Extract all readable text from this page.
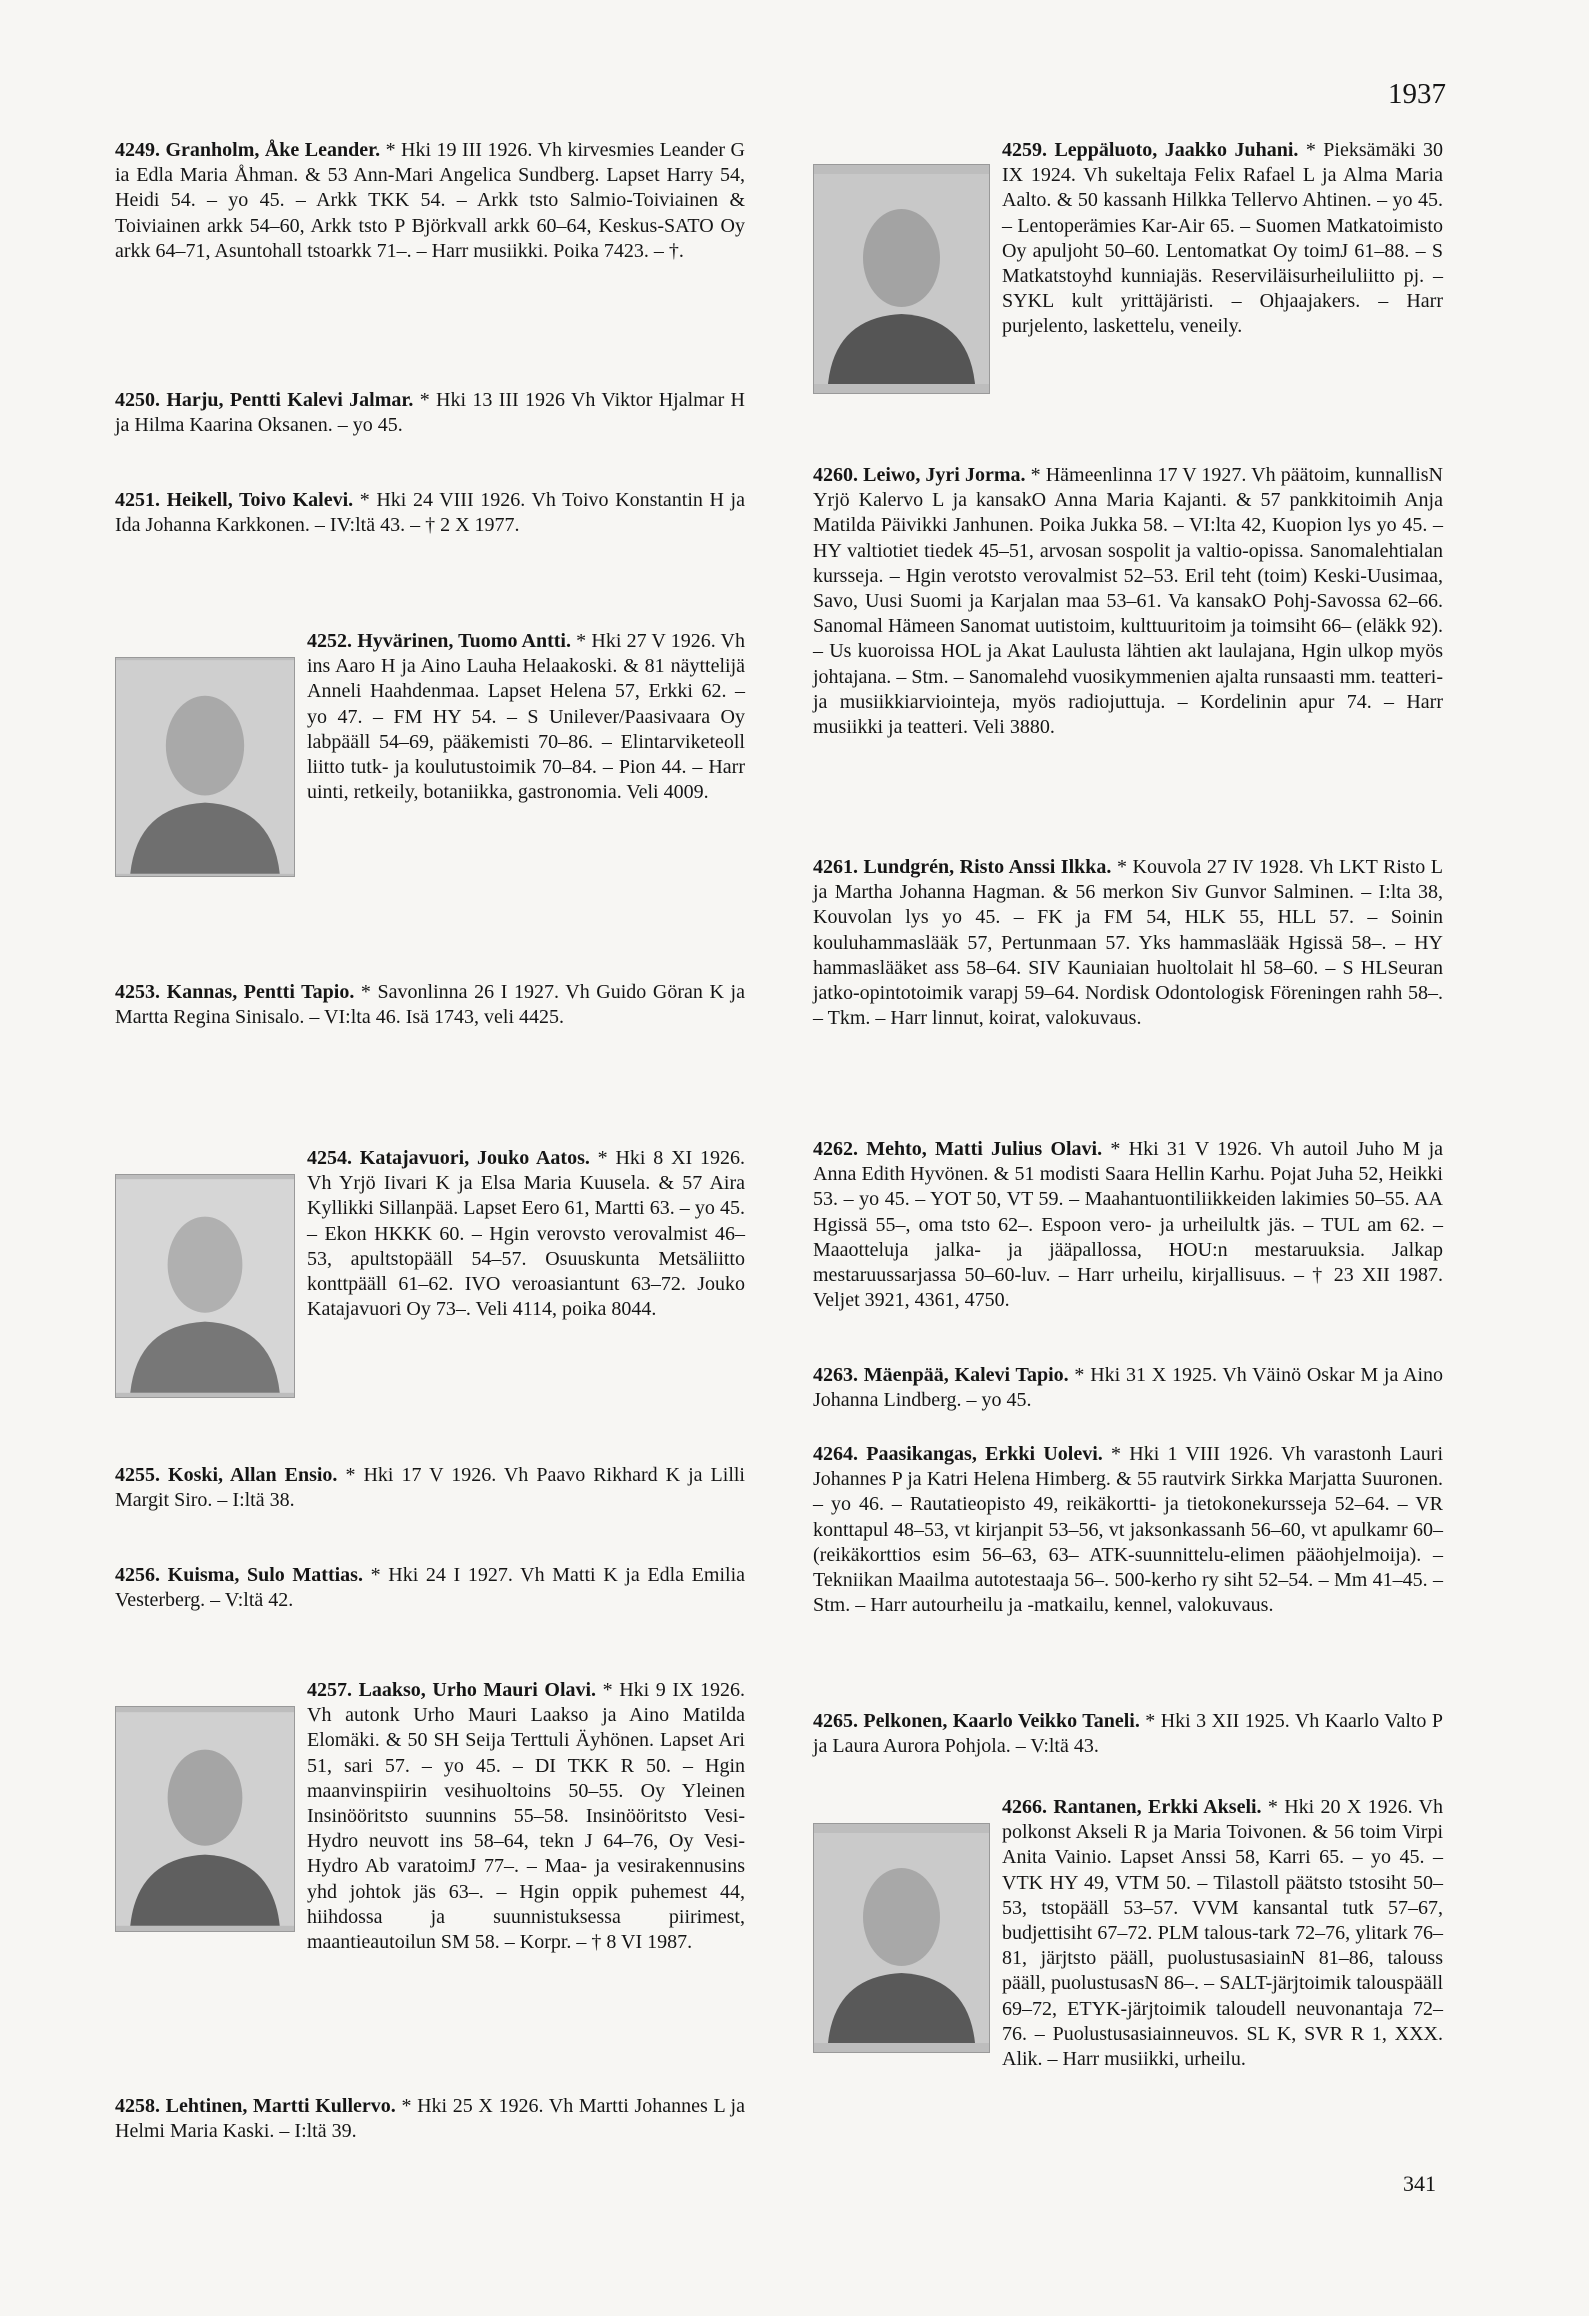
1937

4249. Granholm, Åke Leander. * Hki 19 III 1926. Vh kirvesmies Leander G ia Edla Maria Åhman. & 53 Ann-Mari Angelica Sundberg. Lapset Harry 54, Heidi 54. – yo 45. – Arkk TKK 54. – Arkk tsto Salmio-Toiviainen & Toiviainen arkk 54–60, Arkk tsto P Björkvall arkk 60–64, Keskus-SATO Oy arkk 64–71, Asuntohall tstoarkk 71–. – Harr musiikki. Poika 7423. – †.

4250. Harju, Pentti Kalevi Jalmar. * Hki 13 III 1926 Vh Viktor Hjalmar H ja Hilma Kaarina Oksanen. – yo 45.

4251. Heikell, Toivo Kalevi. * Hki 24 VIII 1926. Vh Toivo Konstantin H ja Ida Johanna Karkkonen. – IV:ltä 43. – † 2 X 1977.

4252. Hyvärinen, Tuomo Antti. * Hki 27 V 1926. Vh ins Aaro H ja Aino Lauha Helaakoski. & 81 näyttelijä Anneli Haahdenmaa. Lapset Helena 57, Erkki 62. – yo 47. – FM HY 54. – S Unilever/Paasivaara Oy labpääll 54–69, pääkemisti 70–86. – Elintarviketeoll liitto tutk- ja koulutustoimik 70–84. – Pion 44. – Harr uinti, retkeily, botaniikka, gastronomia. Veli 4009.

4253. Kannas, Pentti Tapio. * Savonlinna 26 I 1927. Vh Guido Göran K ja Martta Regina Sinisalo. – VI:lta 46. Isä 1743, veli 4425.

4254. Katajavuori, Jouko Aatos. * Hki 8 XI 1926. Vh Yrjö Iivari K ja Elsa Maria Kuusela. & 57 Aira Kyllikki Sillanpää. Lapset Eero 61, Martti 63. – yo 45. – Ekon HKKK 60. – Hgin verovsto verovalmist 46–53, apultstopääll 54–57. Osuuskunta Metsäliitto konttpääll 61–62. IVO veroasiantunt 63–72. Jouko Katajavuori Oy 73–. Veli 4114, poika 8044.

4255. Koski, Allan Ensio. * Hki 17 V 1926. Vh Paavo Rikhard K ja Lilli Margit Siro. – I:ltä 38.

4256. Kuisma, Sulo Mattias. * Hki 24 I 1927. Vh Matti K ja Edla Emilia Vesterberg. – V:ltä 42.

4257. Laakso, Urho Mauri Olavi. * Hki 9 IX 1926. Vh autonk Urho Mauri Laakso ja Aino Matilda Elomäki. & 50 SH Seija Terttuli Äyhönen. Lapset Ari 51, sari 57. – yo 45. – DI TKK R 50. – Hgin maanvinspiirin vesihuoltoins 50–55. Oy Yleinen Insinööritsto suunnins 55–58. Insinööritsto Vesi-Hydro neuvott ins 58–64, tekn J 64–76, Oy Vesi-Hydro Ab varatoimJ 77–. – Maa- ja vesirakennusins yhd johtok jäs 63–. – Hgin oppik puhemest 44, hiihdossa ja suunnistuksessa piirimest, maantieautoilun SM 58. – Korpr. – † 8 VI 1987.

4258. Lehtinen, Martti Kullervo. * Hki 25 X 1926. Vh Martti Johannes L ja Helmi Maria Kaski. – I:ltä 39.

4259. Leppäluoto, Jaakko Juhani. * Pieksämäki 30 IX 1924. Vh sukeltaja Felix Rafael L ja Alma Maria Aalto. & 50 kassanh Hilkka Tellervo Ahtinen. – yo 45. – Lentoperämies Kar-Air 65. – Suomen Matkatoimisto Oy apuljoht 50–60. Lentomatkat Oy toimJ 61–88. – S Matkatstoyhd kunniajäs. Reserviläisurheiluliitto pj. – SYKL kult yrittäjäristi. – Ohjaajakers. – Harr purjelento, laskettelu, veneily.

4260. Leiwo, Jyri Jorma. * Hämeenlinna 17 V 1927. Vh päätoim, kunnallisN Yrjö Kalervo L ja kansakO Anna Maria Kajanti. & 57 pankkitoimih Anja Matilda Päivikki Janhunen. Poika Jukka 58. – VI:lta 42, Kuopion lys yo 45. – HY valtiotiet tiedek 45–51, arvosan sospolit ja valtio-opissa. Sanomalehtialan kursseja. – Hgin verotsto verovalmist 52–53. Eril teht (toim) Keski-Uusimaa, Savo, Uusi Suomi ja Karjalan maa 53–61. Va kansakO Pohj-Savossa 62–66. Sanomal Hämeen Sanomat uutistoim, kulttuuritoim ja toimsiht 66– (eläkk 92). – Us kuoroissa HOL ja Akat Laulusta lähtien akt laulajana, Hgin ulkop myös johtajana. – Stm. – Sanomalehd vuosikymmenien ajalta runsaasti mm. teatteri- ja musiikkiarviointeja, myös radiojuttuja. – Kordelinin apur 74. – Harr musiikki ja teatteri. Veli 3880.

4261. Lundgrén, Risto Anssi Ilkka. * Kouvola 27 IV 1928. Vh LKT Risto L ja Martha Johanna Hagman. & 56 merkon Siv Gunvor Salminen. – I:lta 38, Kouvolan lys yo 45. – FK ja FM 54, HLK 55, HLL 57. – Soinin kouluhammaslääk 57, Pertunmaan 57. Yks hammaslääk Hgissä 58–. – HY hammaslääket ass 58–64. SIV Kauniaian huoltolait hl 58–60. – S HLSeuran jatko-opintotoimik varapj 59–64. Nordisk Odontologisk Föreningen rahh 58–. – Tkm. – Harr linnut, koirat, valokuvaus.

4262. Mehto, Matti Julius Olavi. * Hki 31 V 1926. Vh autoil Juho M ja Anna Edith Hyvönen. & 51 modisti Saara Hellin Karhu. Pojat Juha 52, Heikki 53. – yo 45. – YOT 50, VT 59. – Maahantuontiliikkeiden lakimies 50–55. AA Hgissä 55–, oma tsto 62–. Espoon vero- ja urheilultk jäs. – TUL am 62. – Maaotteluja jalka- ja jääpallossa, HOU:n mestaruuksia. Jalkap mestaruussarjassa 50–60-luv. – Harr urheilu, kirjallisuus. – † 23 XII 1987. Veljet 3921, 4361, 4750.

4263. Mäenpää, Kalevi Tapio. * Hki 31 X 1925. Vh Väinö Oskar M ja Aino Johanna Lindberg. – yo 45.

4264. Paasikangas, Erkki Uolevi. * Hki 1 VIII 1926. Vh varastonh Lauri Johannes P ja Katri Helena Himberg. & 55 rautvirk Sirkka Marjatta Suuronen. – yo 46. – Rautatieopisto 49, reikäkortti- ja tietokonekursseja 52–64. – VR konttapul 48–53, vt kirjanpit 53–56, vt jaksonkassanh 56–60, vt apulkamr 60– (reikäkorttios esim 56–63, 63– ATK-suunnittelu-elimen pääohjelmoija). – Tekniikan Maailma autotestaaja 56–. 500-kerho ry siht 52–54. – Mm 41–45. – Stm. – Harr autourheilu ja -matkailu, kennel, valokuvaus.

4265. Pelkonen, Kaarlo Veikko Taneli. * Hki 3 XII 1925. Vh Kaarlo Valto P ja Laura Aurora Pohjola. – V:ltä 43.

4266. Rantanen, Erkki Akseli. * Hki 20 X 1926. Vh polkonst Akseli R ja Maria Toivonen. & 56 toim Virpi Anita Vainio. Lapset Anssi 58, Karri 65. – yo 45. – VTK HY 49, VTM 50. – Tilastoll päätsto tstosiht 50–53, tstopääll 53–57. VVM kansantal tutk 57–67, budjettisiht 67–72. PLM talous-tark 72–76, ylitark 76–81, järjtsto pääll, puolustusasiainN 81–86, talouss pääll, puolustusasN 86–. – SALT-järjtoimik talouspääll 69–72, ETYK-järjtoimik taloudell neuvonantaja 72–76. – Puolustusasiainneuvos. SL K, SVR R 1, XXX. Alik. – Harr musiikki, urheilu.

341
